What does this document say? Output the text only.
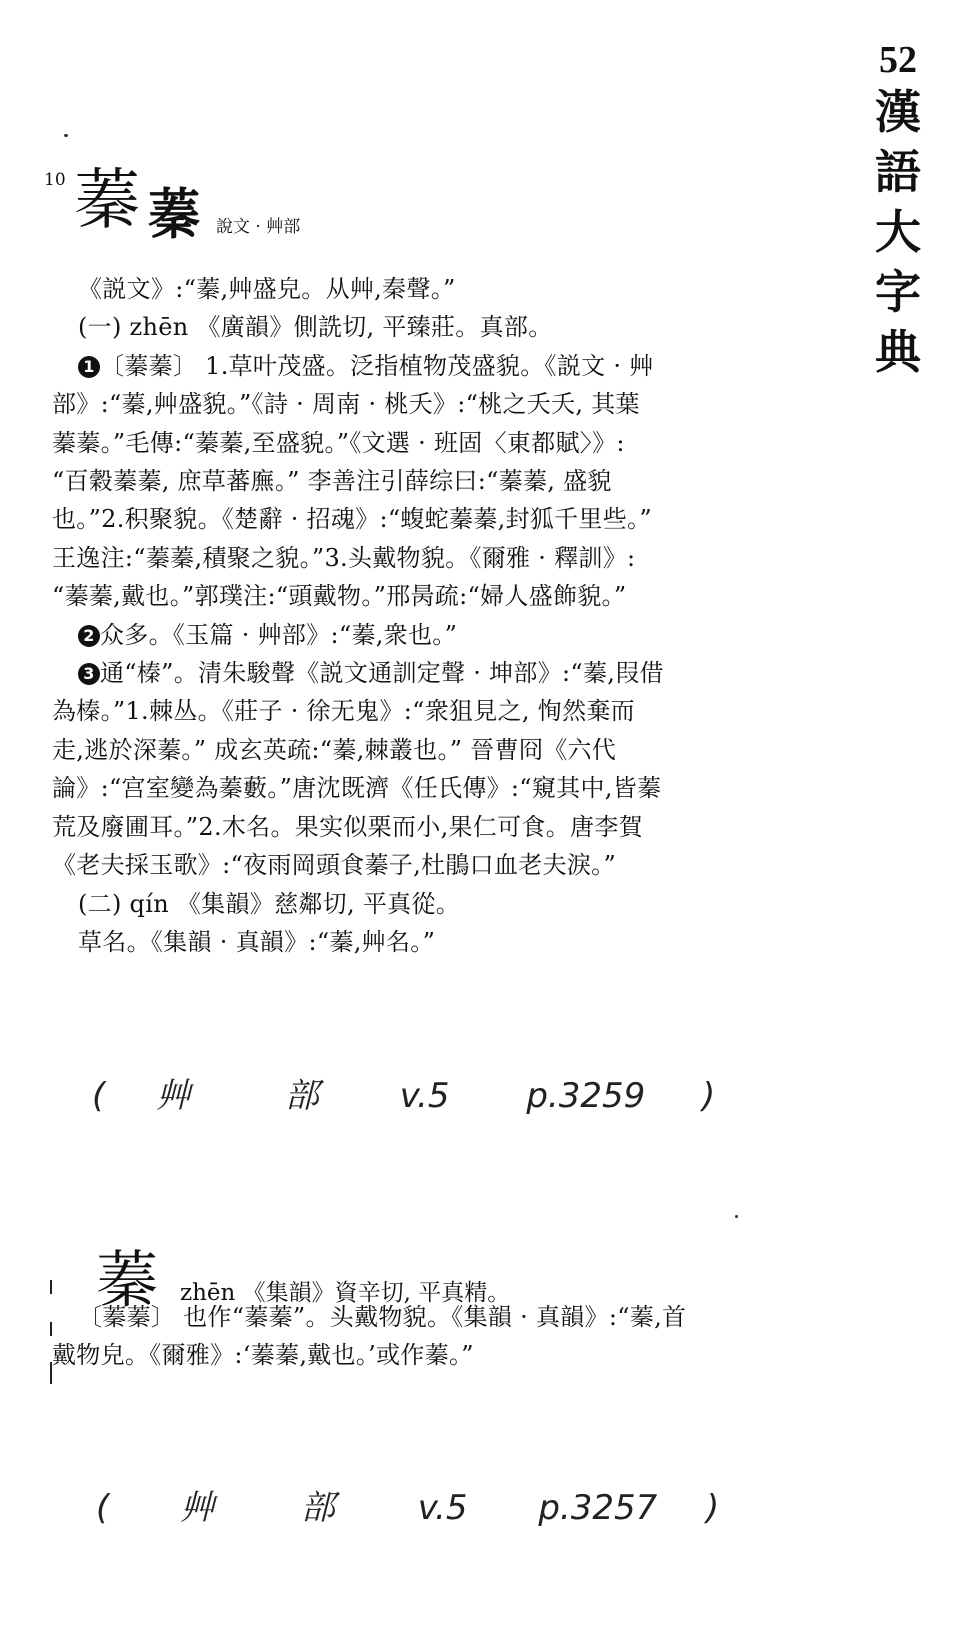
52
漢
語
大
字
典
10 蓁 蓁 說文 · 艸部

《説文》:“蓁,艸盛皃。从艸,秦聲。”

(一) zhēn 《廣韻》側詵切, 平臻莊。真部。

1 〔蓁蓁〕 1.草叶茂盛。泛指植物茂盛貌。《説文 · 艸

部》:“蓁,艸盛貌。”《詩 · 周南 · 桃夭》:“桃之夭夭, 其葉

蓁蓁。”毛傳:“蓁蓁,至盛貌。”《文選 · 班固〈東都賦〉》:

“百穀蓁蓁, 庶草蕃廡。” 李善注引薛综曰:“蓁蓁, 盛貌

也。”2.积聚貌。《楚辭 · 招魂》:“蝮蛇蓁蓁,封狐千里些。”

王逸注:“蓁蓁,積聚之貌。”3.头戴物貌。《爾雅 · 釋訓》:

“蓁蓁,戴也。”郭璞注:“頭戴物。”邢昺疏:“婦人盛飾貌。”

2 众多。《玉篇 · 艸部》:“蓁,衆也。”

3 通“榛”。清朱駿聲《説文通訓定聲 · 坤部》:“蓁,叚借

為榛。”1.棘丛。《莊子 · 徐无鬼》:“衆狙見之, 恂然棄而

走,逃於深蓁。” 成玄英疏:“蓁,棘叢也。” 晉曹冏《六代

論》:“宫室變為蓁藪。”唐沈既濟《任氏傳》:“窺其中,皆蓁

荒及廢圃耳。”2.木名。果实似栗而小,果仁可食。唐李賀

《老夫採玉歌》:“夜雨岡頭食蓁子,杜鵑口血老夫淚。”

(二) qín 《集韻》慈鄰切, 平真從。

草名。《集韻 · 真韻》:“蓁,艸名。”

( 艸	部 v.5 p.3259 )
蓁 zhēn 《集韻》資辛切, 平真精。

〔蓁蓁〕 也作“蓁蓁”。头戴物貌。《集韻 · 真韻》:“蓁,首

戴物皃。《爾雅》:‘蓁蓁,戴也。’或作蓁。”

( 艸	部 v.5 p.3257 )
